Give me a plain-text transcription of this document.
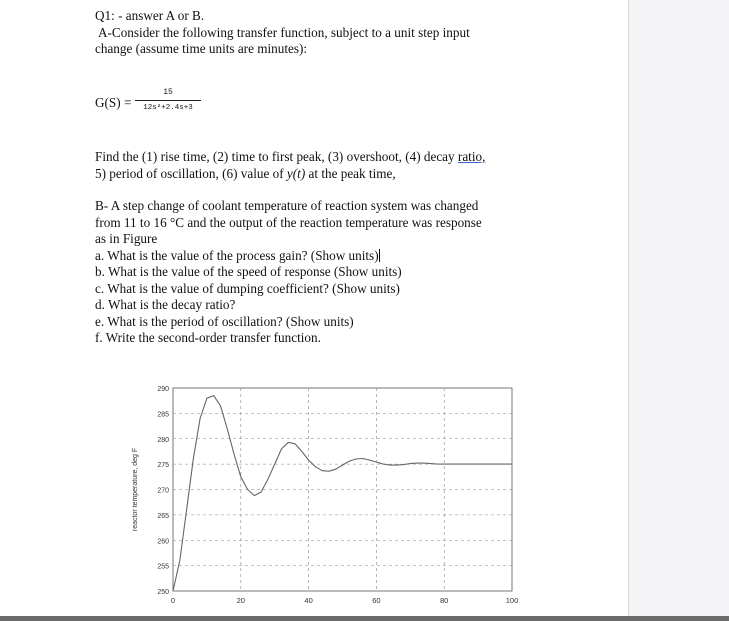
Q1: - answer A or B.

A-Consider the following transfer function, subject to a unit step input

change (assume time units are minutes):

G(S) =
15
12s²+2.4s+3
Find the (1) rise time, (2) time to first peak, (3) overshoot, (4) decay ratio,
5) period of oscillation, (6) value of y(t) at the peak time,
B- A step change of coolant temperature of reaction system was changed
from 11 to 16 °C and the output of the reaction temperature was response
as in Figure
a. What is the value of the process gain? (Show units)
b. What is the value of the speed of response (Show units)
c. What is the value of dumping coefficient? (Show units)
d. What is the decay ratio?
e. What is the period of oscillation? (Show units)
f. Write the second-order transfer function.
250
255
260
265
270
275
280
285
290
0	20	40	60	80	100
reactor temperature, deg F
